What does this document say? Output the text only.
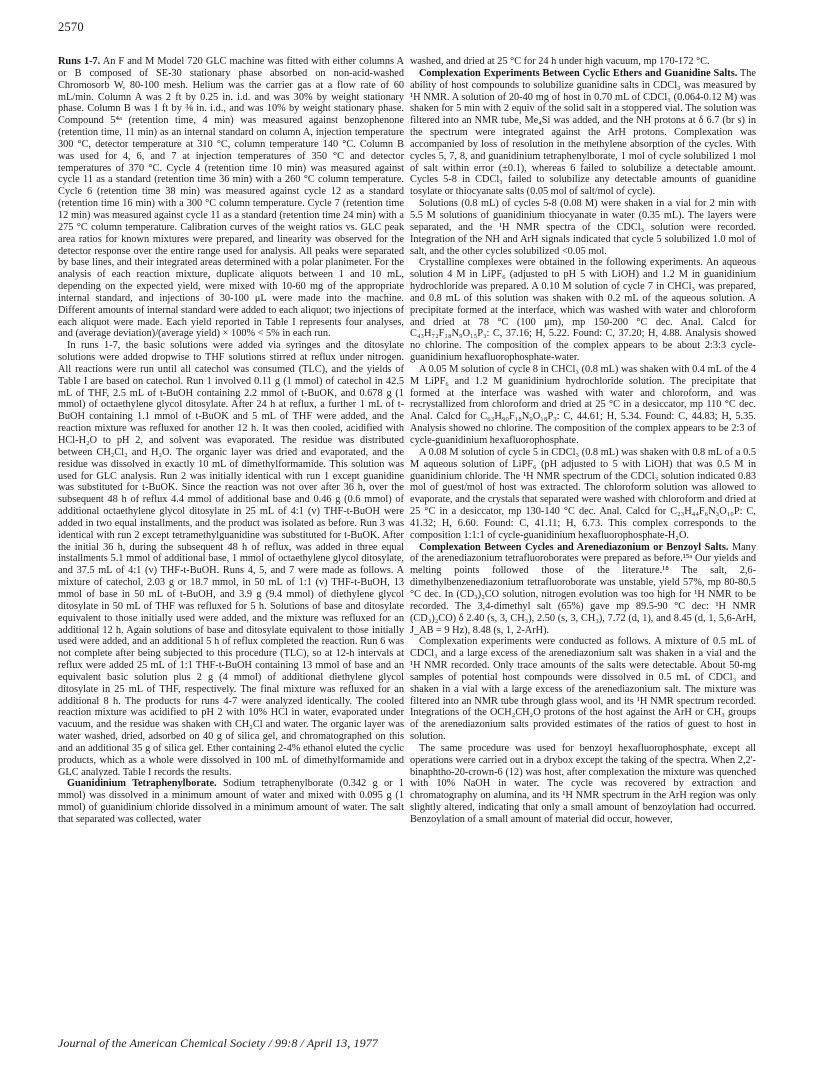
2570

Runs 1-7. An F and M Model 720 GLC machine was fitted with either columns A or B composed of SE-30 stationary phase absorbed on non-acid-washed Chromosorb W, 80-100 mesh. Helium was the carrier gas at a flow rate of 60 mL/min. Column A was 2 ft by 0.25 in. i.d. and was 30% by weight stationary phase. Column B was 1 ft by ⅜ in. i.d., and was 10% by weight stationary phase. Compound 5⁴ᵃ (retention time, 4 min) was measured against benzophenone (retention time, 11 min) as an internal standard on column A, injection temperature 300 °C, detector temperature at 310 °C, column temperature 140 °C. Column B was used for 4, 6, and 7 at injection temperatures of 350 °C and detector temperatures of 370 °C. Cycle 4 (retention time 10 min) was measured against cycle 11 as a standard (retention time 36 min) with a 260 °C column temperature. Cycle 6 (retention time 38 min) was measured against cycle 12 as a standard (retention time 16 min) with a 300 °C column temperature. Cycle 7 (retention time 12 min) was measured against cycle 11 as a standard (retention time 24 min) with a 275 °C column temperature. Calibration curves of the weight ratios vs. GLC peak area ratios for known mixtures were prepared, and linearity was observed for the detector response over the entire range used for analysis. All peaks were separated by base lines, and their integrated areas determined with a polar planimeter. For the analysis of each reaction mixture, duplicate aliquots between 1 and 10 mL, depending on the expected yield, were mixed with 10-60 mg of the appropriate internal standard, and injections of 30-100 μL were made into the machine. Different amounts of internal standard were added to each aliquot; two injections of each aliquot were made. Each yield reported in Table I represents four analyses, and (average deviation)/(average yield) × 100% < 5% in each run.

In runs 1-7, the basic solutions were added via syringes and the ditosylate solutions were added dropwise to THF solutions stirred at reflux under nitrogen. All reactions were run until all catechol was consumed (TLC), and the yields of Table I are based on catechol. Run 1 involved 0.11 g (1 mmol) of catechol in 42.5 mL of THF, 2.5 mL of t-BuOH containing 2.2 mmol of t-BuOK, and 0.678 g (1 mmol) of octaethylene glycol ditosylate. After 24 h at reflux, a further 1 mL of t-BuOH containing 1.1 mmol of t-BuOK and 5 mL of THF were added, and the reaction mixture was refluxed for another 12 h. It was then cooled, acidified with HCl-H₂O to pH 2, and solvent was evaporated. The residue was distributed between CH₂Cl₂ and H₂O. The organic layer was dried and evaporated, and the residue was dissolved in exactly 10 mL of dimethylformamide. This solution was used for GLC analysis. Run 2 was initially identical with run 1 except guanidine was substituted for t-BuOK. Since the reaction was not over after 36 h, over the subsequent 48 h of reflux 4.4 mmol of additional base and 0.46 g (0.6 mmol) of additional octaethylene glycol ditosylate in 25 mL of 4:1 (v) THF-t-BuOH were added in two equal installments, and the product was isolated as before. Run 3 was identical with run 2 except tetramethylguanidine was substituted for t-BuOK. After the initial 36 h, during the subsequent 48 h of reflux, was added in three equal installments 5.1 mmol of additional base, 1 mmol of octaethylene glycol ditosylate, and 37.5 mL of 4:1 (v) THF-t-BuOH. Runs 4, 5, and 7 were made as follows. A mixture of catechol, 2.03 g or 18.7 mmol, in 50 mL of 1:1 (v) THF-t-BuOH, 13 mmol of base in 50 mL of t-BuOH, and 3.9 g (9.4 mmol) of diethylene glycol ditosylate in 50 mL of THF was refluxed for 5 h. Solutions of base and ditosylate equivalent to those initially used were added, and the mixture was refluxed for an additional 12 h. Again solutions of base and ditosylate equivalent to those initially used were added, and an additional 5 h of reflux completed the reaction. Run 6 was not complete after being subjected to this procedure (TLC), so at 12-h intervals at reflux were added 25 mL of 1:1 THF-t-BuOH containing 13 mmol of base and an equivalent basic solution plus 2 g (4 mmol) of additional diethylene glycol ditosylate in 25 mL of THF, respectively. The final mixture was refluxed for an additional 8 h. The products for runs 4-7 were analyzed identically. The cooled reaction mixture was acidified to pH 2 with 10% HCl in water, evaporated under vacuum, and the residue was shaken with CH₂Cl and water. The organic layer was water washed, dried, adsorbed on 40 g of silica gel, and chromatographed on this and an additional 35 g of silica gel. Ether containing 2-4% ethanol eluted the cyclic products, which as a whole were dissolved in 100 mL of dimethylformamide and GLC analyzed. Table I records the results.

Guanidinium Tetraphenylborate. Sodium tetraphenylborate (0.342 g or 1 mmol) was dissolved in a minimum amount of water and mixed with 0.095 g (1 mmol) of guanidinium chloride dissolved in a minimum amount of water. The salt that separated was collected, water

washed, and dried at 25 °C for 24 h under high vacuum, mp 170-172 °C.

Complexation Experiments Between Cyclic Ethers and Guanidine Salts. The ability of host compounds to solubilize guanidine salts in CDCl₃ was measured by ¹H NMR. A solution of 20-40 mg of host in 0.70 mL of CDCl₃ (0.064-0.12 M) was shaken for 5 min with 2 equiv of the solid salt in a stoppered vial. The solution was filtered into an NMR tube, Me₄Si was added, and the NH protons at δ 6.7 (br s) in the spectrum were integrated against the ArH protons. Complexation was accompanied by loss of resolution in the methylene absorption of the cycles. With cycles 5, 7, 8, and guanidinium tetraphenylborate, 1 mol of cycle solubilized 1 mol of salt within error (±0.1), whereas 6 failed to solubilize a detectable amount. Cycles 5-8 in CDCl₃ failed to solubilize any detectable amounts of guanidine tosylate or thiocyanate salts (0.05 mol of salt/mol of cycle).

Solutions (0.8 mL) of cycles 5-8 (0.08 M) were shaken in a vial for 2 min with 5.5 M solutions of guanidinium thiocyanate in water (0.35 mL). The layers were separated, and the ¹H NMR spectra of the CDCl₃ solution were recorded. Integration of the NH and ArH signals indicated that cycle 5 solubilized 1.0 mol of salt, and the other cycles solubilized <0.05 mol.

Crystalline complexes were obtained in the following experiments. An aqueous solution 4 M in LiPF₆ (adjusted to pH 5 with LiOH) and 1.2 M in guanidinium hydrochloride was prepared. A 0.10 M solution of cycle 7 in CHCl₃ was prepared, and 0.8 mL of this solution was shaken with 0.2 mL of the aqueous solution. A precipitate formed at the interface, which was washed with water and chloroform and dried at 78 °C (100 μm), mp 150-200 °C dec. Anal. Calcd for C₄₃H₇₂F₁₈N₉O₁₅P₃: C, 37.16; H, 5.22. Found: C, 37.20; H, 4.88. Analysis showed no chlorine. The composition of the complex appears to be about 2:3:3 cycle-guanidinium hexafluorophosphate-water.

A 0.05 M solution of cycle 8 in CHCl₃ (0.8 mL) was shaken with 0.4 mL of the 4 M LiPF₆ and 1.2 M guanidinium hydrochloride solution. The precipitate that formed at the interface was washed with water and chloroform, and was recrystallized from chloroform and dried at 25 °C in a desiccator, mp 110 °C dec. Anal. Calcd for C₆₃H₉₀F₁₈N₉O₁₈P₃: C, 44.61; H, 5.34. Found: C, 44.83; H, 5.35. Analysis showed no chlorine. The composition of the complex appears to be 2:3 of cycle-guanidinium hexafluorophosphate.

A 0.08 M solution of cycle 5 in CDCl₃ (0.8 mL) was shaken with 0.8 mL of a 0.5 M aqueous solution of LiPF₆ (pH adjusted to 5 with LiOH) that was 0.5 M in guanidinium chloride. The ¹H NMR spectrum of the CDCl₃ solution indicated 0.83 mol of guest/mol of host was extracted. The chloroform solution was allowed to evaporate, and the crystals that separated were washed with chloroform and dried at 25 °C in a desiccator, mp 130-140 °C dec. Anal. Calcd for C₂₃H₄₄F₆N₃O₁₀P: C, 41.32; H, 6.60. Found: C, 41.11; H, 6.73. This complex corresponds to the composition 1:1:1 of cycle-guanidinium hexafluorophosphate-H₂O.

Complexation Between Cycles and Arenediazonium or Benzoyl Salts. Many of the arenediazonium tetrafluoroborates were prepared as before.¹⁵ᵃ Our yields and melting points followed those of the literature.¹⁸ The salt, 2,6-dimethylbenzenediazonium tetrafluoroborate was unstable, yield 57%, mp 80-80.5 °C dec. In (CD₃)₂CO solution, nitrogen evolution was too high for ¹H NMR to be recorded. The 3,4-dimethyl salt (65%) gave mp 89.5-90 °C dec: ¹H NMR (CD₃)₂CO) δ 2.40 (s, 3, CH₃), 2.50 (s, 3, CH₃), 7.72 (d, 1), and 8.45 (d, 1, 5,6-ArH, J_AB = 9 Hz), 8.48 (s, 1, 2-ArH).

Complexation experiments were conducted as follows. A mixture of 0.5 mL of CDCl₃ and a large excess of the arenediazonium salt was shaken in a vial and the ¹H NMR recorded. Only trace amounts of the salts were detectable. About 50-mg samples of potential host compounds were dissolved in 0.5 mL of CDCl₃ and shaken in a vial with a large excess of the arenediazonium salt. The mixture was filtered into an NMR tube through glass wool, and its ¹H NMR spectrum recorded. Integrations of the OCH₂CH₂O protons of the host against the ArH or CH₃ groups of the arenediazonium salts provided estimates of the ratios of guest to host in solution.

The same procedure was used for benzoyl hexafluorophosphate, except all operations were carried out in a drybox except the taking of the spectra. When 2,2'-binaphtho-20-crown-6 (12) was host, after complexation the mixture was quenched with 10% NaOH in water. The cycle was recovered by extraction and chromatography on alumina, and its ¹H NMR spectrum in the ArH region was only slightly altered, indicating that only a small amount of benzoylation had occurred. Benzoylation of a small amount of material did occur, however,

Journal of the American Chemical Society / 99:8 / April 13, 1977
